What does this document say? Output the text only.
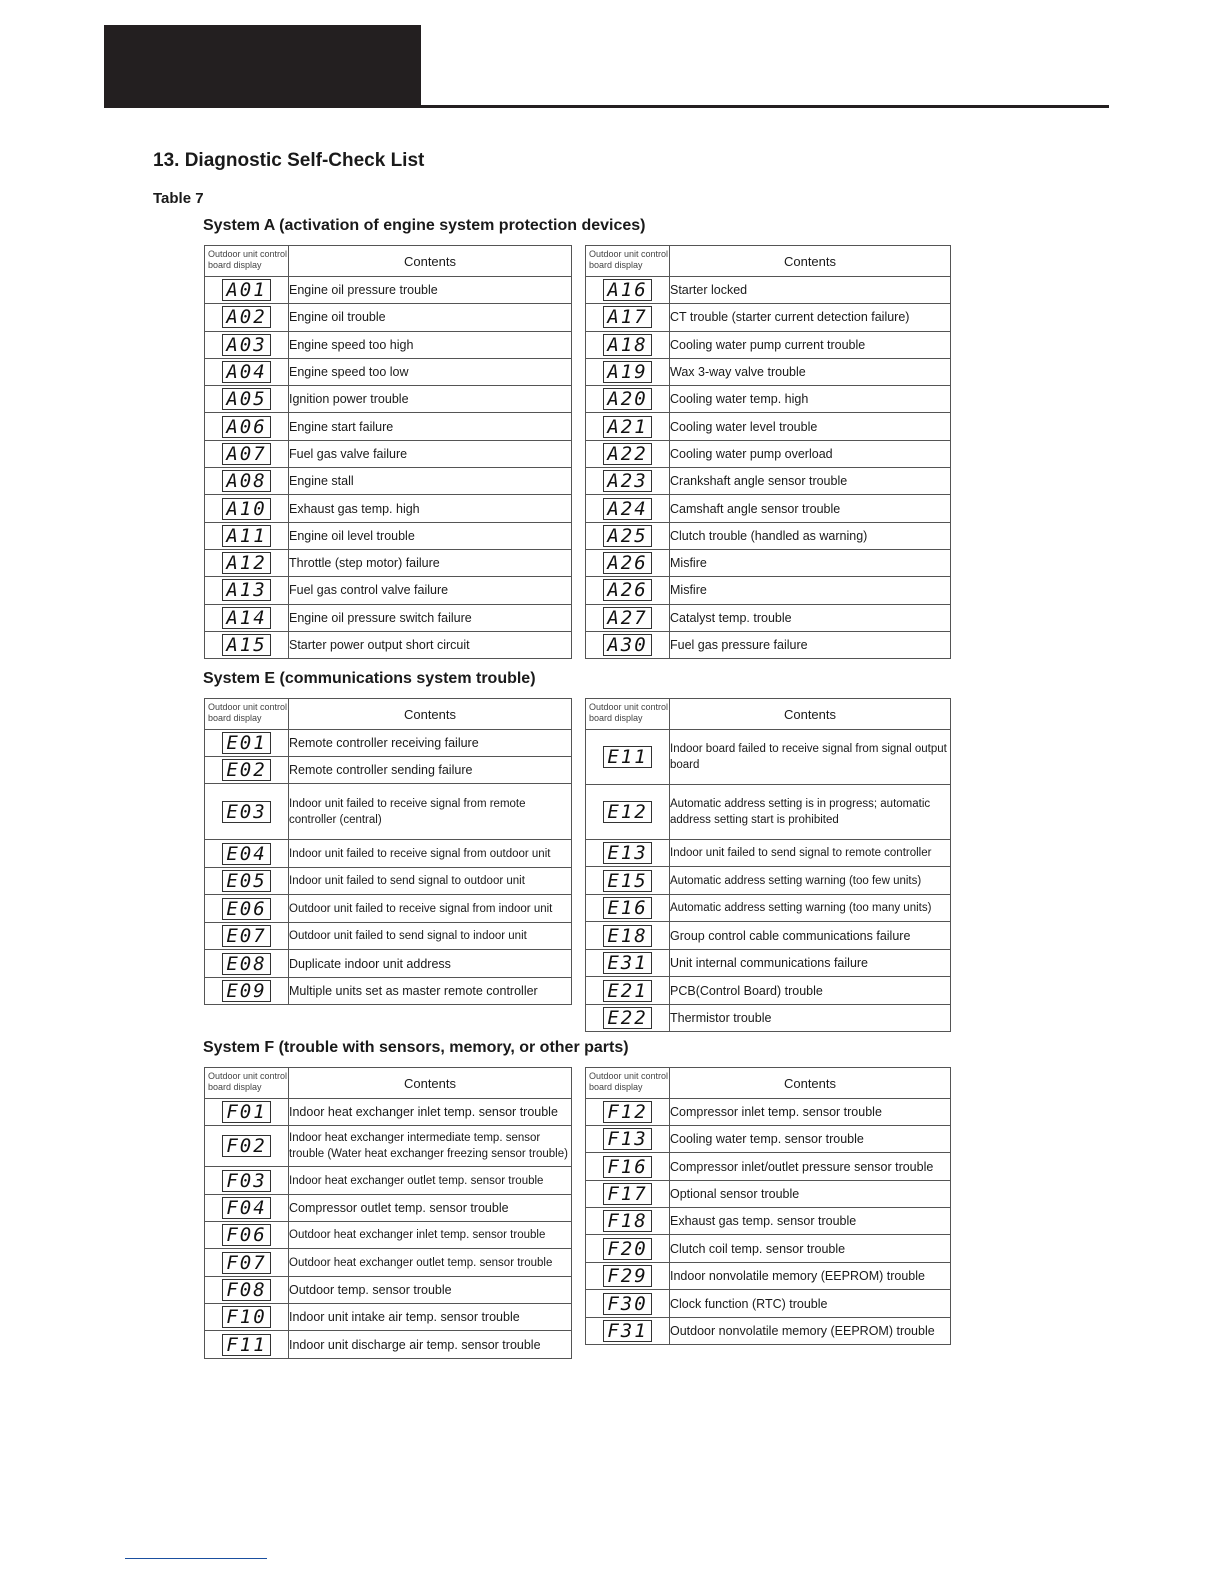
13. Diagnostic Self-Check List
Table 7
System A (activation of engine system protection devices)
Outdoor unit control board display	Contents
A01	Engine oil pressure trouble
A02	Engine oil trouble
A03	Engine speed too high
A04	Engine speed too low
A05	Ignition power trouble
A06	Engine start failure
A07	Fuel gas valve failure
A08	Engine stall
A10	Exhaust gas temp. high
A11	Engine oil level trouble
A12	Throttle (step motor) failure
A13	Fuel gas control valve failure
A14	Engine oil pressure switch failure
A15	Starter power output short circuit
Outdoor unit control board display	Contents
A16	Starter locked
A17	CT trouble (starter current detection failure)
A18	Cooling water pump current trouble
A19	Wax 3-way valve trouble
A20	Cooling water temp. high
A21	Cooling water level trouble
A22	Cooling water pump overload
A23	Crankshaft angle sensor trouble
A24	Camshaft angle sensor trouble
A25	Clutch trouble (handled as warning)
A26	Misfire
A26	Misfire
A27	Catalyst temp. trouble
A30	Fuel gas pressure failure
System E (communications system trouble)
Outdoor unit control board display	Contents
E01	Remote controller receiving failure
E02	Remote controller sending failure
E03	Indoor unit failed to receive signal from remote controller (central)
E04	Indoor unit failed to receive signal from outdoor unit
E05	Indoor unit failed to send signal to outdoor unit
E06	Outdoor unit failed to receive signal from indoor unit
E07	Outdoor unit failed to send signal to indoor unit
E08	Duplicate indoor unit address
E09	Multiple units set as master remote controller
Outdoor unit control board display	Contents
E11	Indoor board failed to receive signal from signal output board
E12	Automatic address setting is in progress; automatic address setting start is prohibited
E13	Indoor unit failed to send signal to remote controller
E15	Automatic address setting warning (too few units)
E16	Automatic address setting warning (too many units)
E18	Group control cable communications failure
E31	Unit internal communications failure
E21	PCB(Control Board) trouble
E22	Thermistor trouble
System F (trouble with sensors, memory, or other parts)
Outdoor unit control board display	Contents
F01	Indoor heat exchanger inlet temp. sensor trouble
F02	Indoor heat exchanger intermediate temp. sensor trouble (Water heat exchanger freezing sensor trouble)
F03	Indoor heat exchanger outlet temp. sensor trouble
F04	Compressor outlet temp. sensor trouble
F06	Outdoor heat exchanger inlet temp. sensor trouble
F07	Outdoor heat exchanger outlet temp. sensor trouble
F08	Outdoor temp. sensor trouble
F10	Indoor unit intake air temp. sensor trouble
F11	Indoor unit discharge air temp. sensor trouble
Outdoor unit control board display	Contents
F12	Compressor inlet temp. sensor trouble
F13	Cooling water temp. sensor trouble
F16	Compressor inlet/outlet pressure sensor trouble
F17	Optional sensor trouble
F18	Exhaust gas temp. sensor trouble
F20	Clutch coil temp. sensor trouble
F29	Indoor nonvolatile memory (EEPROM) trouble
F30	Clock function (RTC) trouble
F31	Outdoor nonvolatile memory (EEPROM) trouble
